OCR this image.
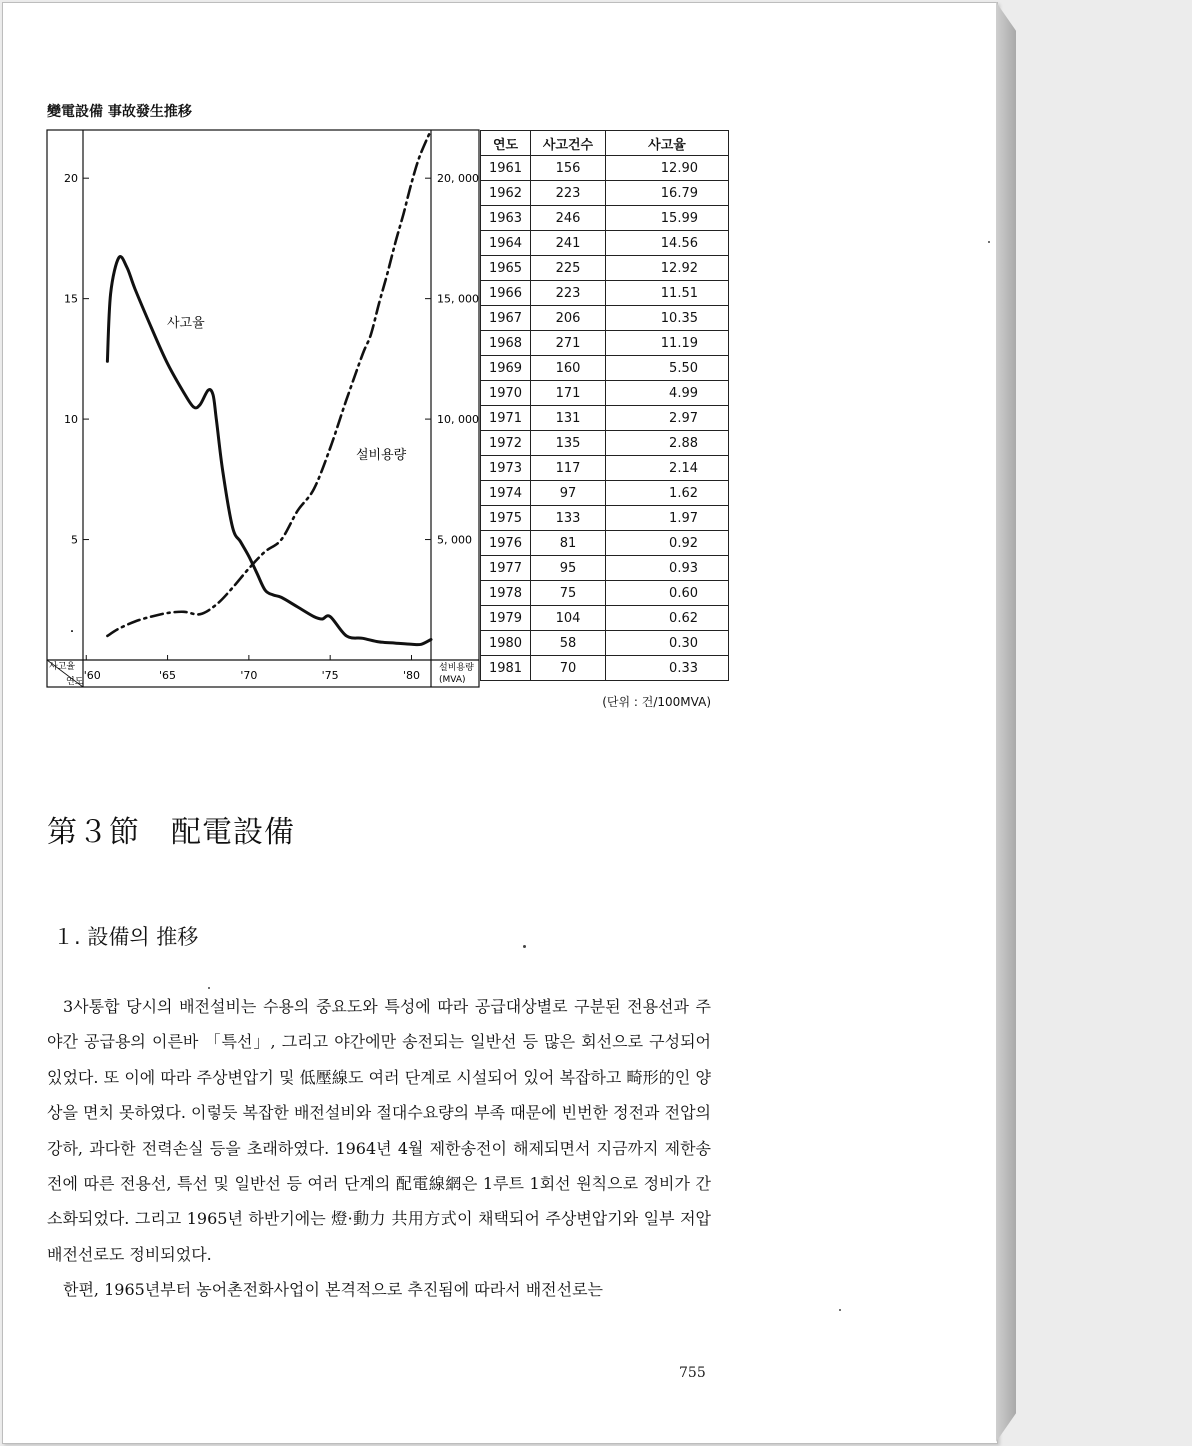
變電設備 事故發生推移
5
10
15
20
5, 000
10, 000
15, 000
20, 000
'60	'65	'70	'75	'80
사고율
연도
설비용량
(MVA)
사고율
설비용량
연도	사고건수	사고율
1961	156	12.90
1962	223	16.79
1963	246	15.99
1964	241	14.56
1965	225	12.92
1966	223	11.51
1967	206	10.35
1968	271	11.19
1969	160	5.50
1970	171	4.99
1971	131	2.97
1972	135	2.88
1973	117	2.14
1974	97	1.62
1975	133	1.97
1976	81	0.92
1977	95	0.93
1978	75	0.60
1979	104	0.62
1980	58	0.30
1981	70	0.33
(단위 : 건/100MVA)
第３節　配電設備
１. 設備의 推移

3사통합 당시의 배전설비는 수용의 중요도와 특성에 따라 공급대상별로 구분된 전용선과 주야간 공급용의 이른바 「특선」, 그리고 야간에만 송전되는 일반선 등 많은 회선으로 구성되어 있었다. 또 이에 따라 주상변압기 및 低壓線도 여러 단계로 시설되어 있어 복잡하고 畸形的인 양상을 면치 못하였다. 이렇듯 복잡한 배전설비와 절대수요량의 부족 때문에 빈번한 정전과 전압의 강하, 과다한 전력손실 등을 초래하였다. 1964년 4월 제한송전이 해제되면서 지금까지 제한송전에 따른 전용선, 특선 및 일반선 등 여러 단계의 配電線網은 1루트 1회선 원칙으로 정비가 간소화되었다. 그리고 1965년 하반기에는 燈·動力 共用方式이 채택되어 주상변압기와 일부 저압배전선로도 정비되었다.

한편, 1965년부터 농어촌전화사업이 본격적으로 추진됨에 따라서 배전선로는

755
